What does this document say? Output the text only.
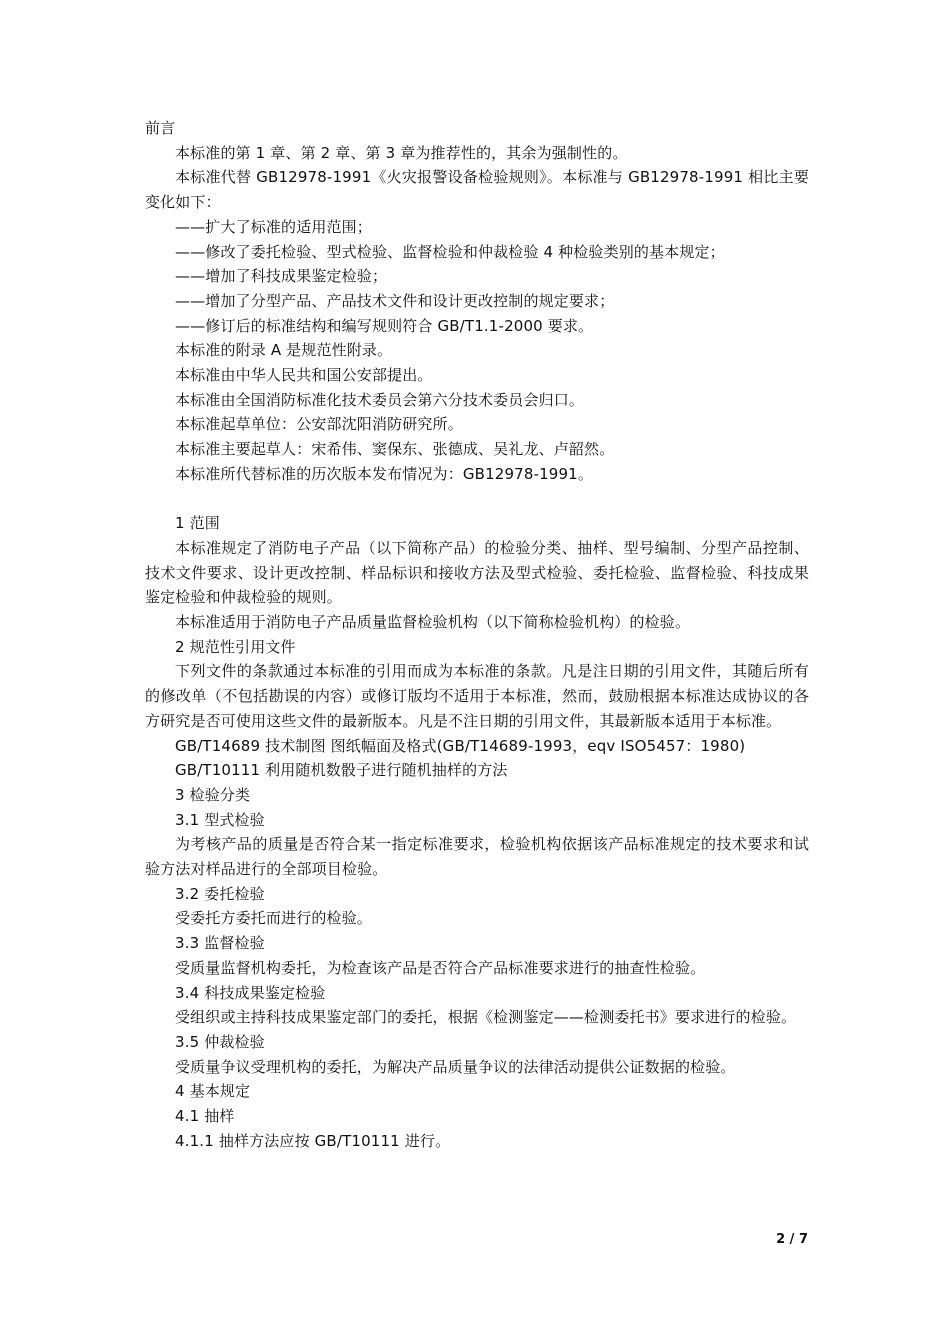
前言

本标准的第 1 章、第 2 章、第 3 章为推荐性的，其余为强制性的。

本标准代替 GB12978-1991《火灾报警设备检验规则》。本标准与 GB12978-1991 相比主要变化如下：

——扩大了标准的适用范围；

——修改了委托检验、型式检验、监督检验和仲裁检验 4 种检验类别的基本规定；

——增加了科技成果鉴定检验；

——增加了分型产品、产品技术文件和设计更改控制的规定要求；

——修订后的标准结构和编写规则符合 GB/T1.1-2000 要求。

本标准的附录 A 是规范性附录。

本标准由中华人民共和国公安部提出。

本标准由全国消防标准化技术委员会第六分技术委员会归口。

本标准起草单位：公安部沈阳消防研究所。

本标准主要起草人：宋希伟、窦保东、张德成、吴礼龙、卢韶然。

本标准所代替标准的历次版本发布情况为：GB12978-1991。

1 范围

本标准规定了消防电子产品（以下简称产品）的检验分类、抽样、型号编制、分型产品控制、技术文件要求、设计更改控制、样品标识和接收方法及型式检验、委托检验、监督检验、科技成果鉴定检验和仲裁检验的规则。

本标准适用于消防电子产品质量监督检验机构（以下简称检验机构）的检验。

2 规范性引用文件

下列文件的条款通过本标准的引用而成为本标准的条款。凡是注日期的引用文件，其随后所有的修改单（不包括勘误的内容）或修订版均不适用于本标准，然而，鼓励根据本标准达成协议的各方研究是否可使用这些文件的最新版本。凡是不注日期的引用文件，其最新版本适用于本标准。

GB/T14689 技术制图 图纸幅面及格式(GB/T14689-1993，eqv ISO5457：1980)

GB/T10111 利用随机数骰子进行随机抽样的方法

3 检验分类

3.1 型式检验

为考核产品的质量是否符合某一指定标准要求，检验机构依据该产品标准规定的技术要求和试验方法对样品进行的全部项目检验。

3.2 委托检验

受委托方委托而进行的检验。

3.3 监督检验

受质量监督机构委托，为检查该产品是否符合产品标准要求进行的抽查性检验。

3.4 科技成果鉴定检验

受组织或主持科技成果鉴定部门的委托，根据《检测鉴定——检测委托书》要求进行的检验。

3.5 仲裁检验

受质量争议受理机构的委托，为解决产品质量争议的法律活动提供公证数据的检验。

4 基本规定

4.1 抽样

4.1.1 抽样方法应按 GB/T10111 进行。

2 / 7
